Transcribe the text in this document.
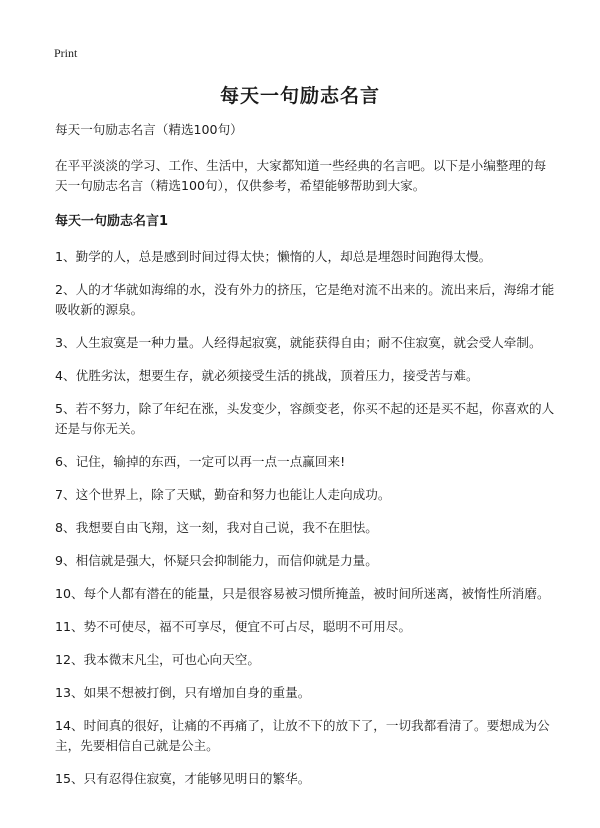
Print
每天一句励志名言

每天一句励志名言（精选100句）

在平平淡淡的学习、工作、生活中，大家都知道一些经典的名言吧。以下是小编整理的每天一句励志名言（精选100句），仅供参考，希望能够帮助到大家。

每天一句励志名言1

1、勤学的人，总是感到时间过得太快；懒惰的人，却总是埋怨时间跑得太慢。

2、人的才华就如海绵的水，没有外力的挤压，它是绝对流不出来的。流出来后，海绵才能吸收新的源泉。

3、人生寂寞是一种力量。人经得起寂寞，就能获得自由；耐不住寂寞，就会受人牵制。

4、优胜劣汰，想要生存，就必须接受生活的挑战，顶着压力，接受苦与难。

5、若不努力，除了年纪在涨，头发变少，容颜变老，你买不起的还是买不起，你喜欢的人还是与你无关。

6、记住，输掉的东西，一定可以再一点一点赢回来!

7、这个世界上，除了天赋，勤奋和努力也能让人走向成功。

8、我想要自由飞翔，这一刻，我对自己说，我不在胆怯。

9、相信就是强大，怀疑只会抑制能力，而信仰就是力量。

10、每个人都有潜在的能量，只是很容易被习惯所掩盖，被时间所迷离，被惰性所消磨。

11、势不可使尽，福不可享尽，便宜不可占尽，聪明不可用尽。

12、我本微末凡尘，可也心向天空。

13、如果不想被打倒，只有增加自身的重量。

14、时间真的很好，让痛的不再痛了，让放不下的放下了，一切我都看清了。要想成为公主，先要相信自己就是公主。

15、只有忍得住寂寞，才能够见明日的繁华。
